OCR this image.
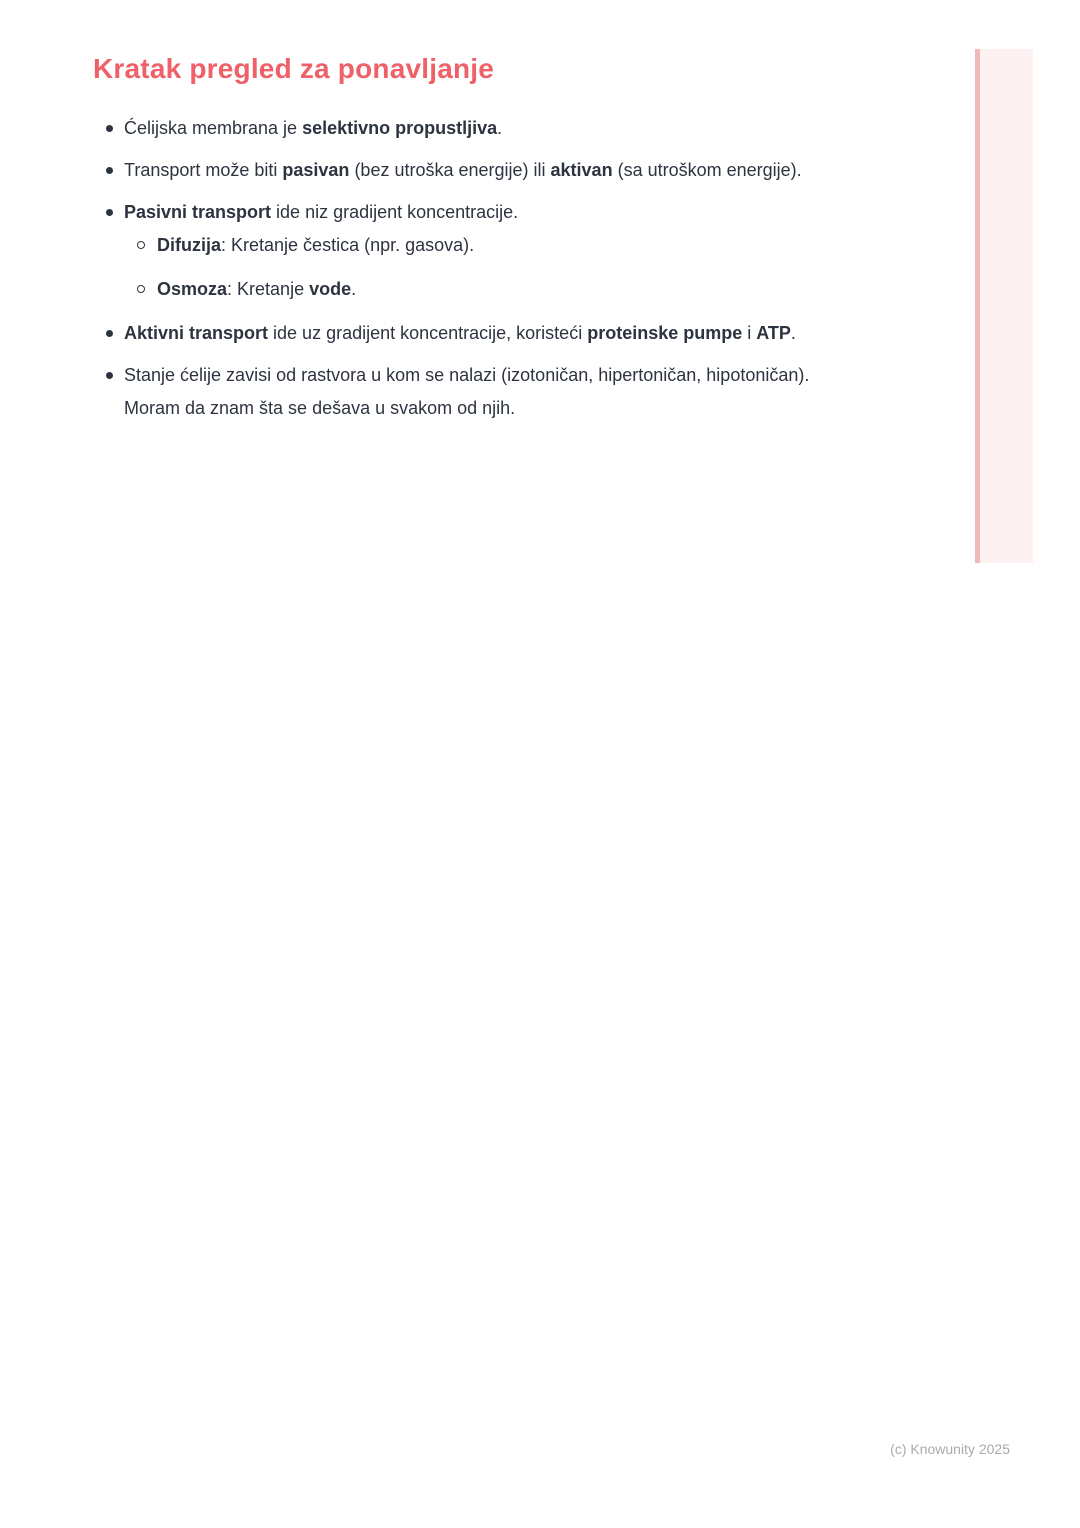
Kratak pregled za ponavljanje
Ćelijska membrana je selektivno propustljiva.
Transport može biti pasivan (bez utroška energije) ili aktivan (sa utroškom energije).
Pasivni transport ide niz gradijent koncentracije.
Difuzija: Kretanje čestica (npr. gasova).
Osmoza: Kretanje vode.
Aktivni transport ide uz gradijent koncentracije, koristeći proteinske pumpe i ATP.
Stanje ćelije zavisi od rastvora u kom se nalazi (izotoničan, hipertoničan, hipotoničan). Moram da znam šta se dešava u svakom od njih.
(c) Knowunity 2025
